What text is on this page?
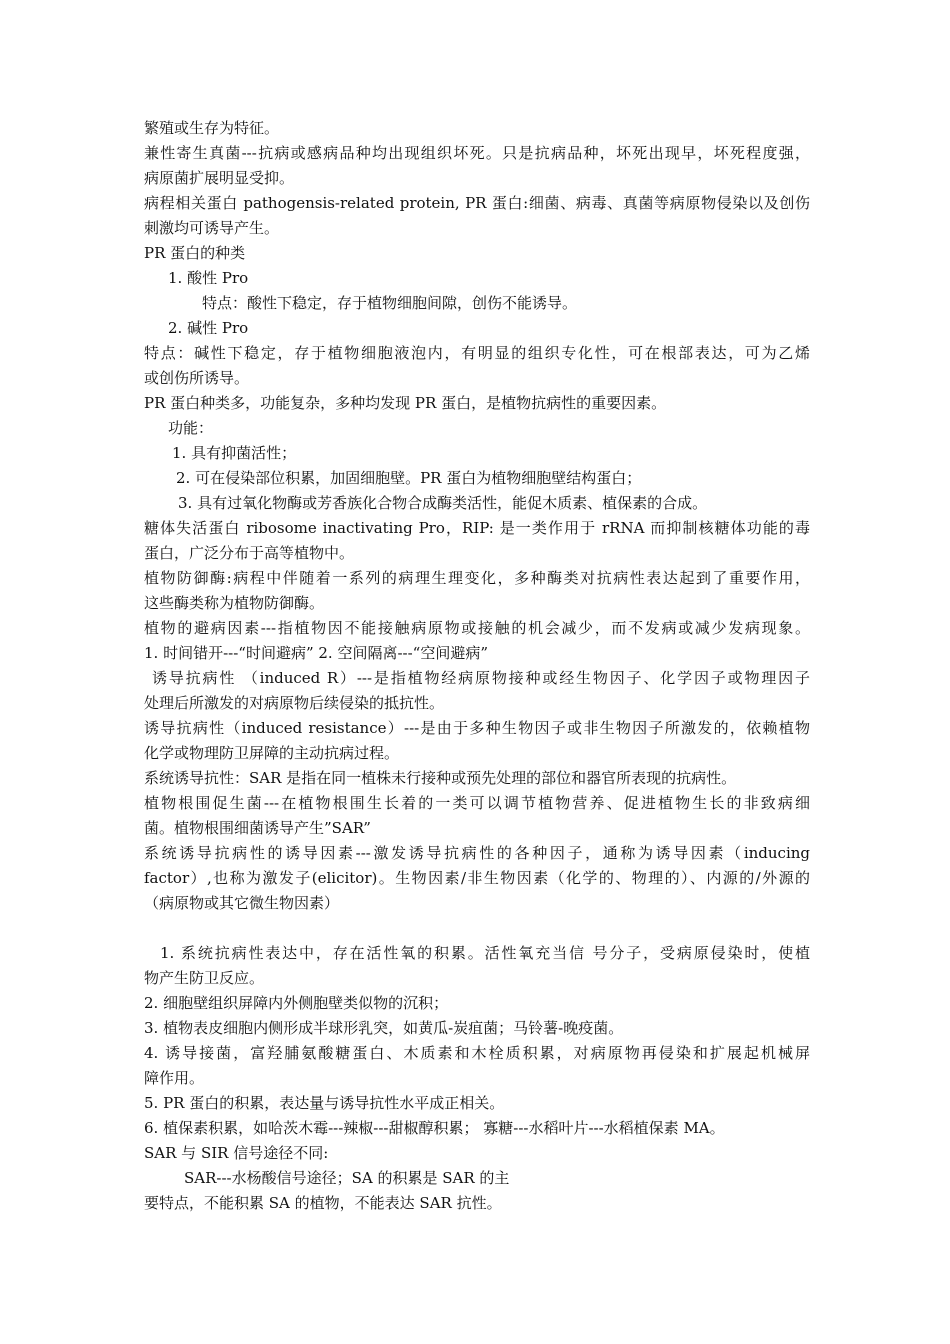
繁殖或生存为特征。
兼性寄生真菌---抗病或感病品种均出现组织坏死。只是抗病品种，坏死出现早，坏死程度强，
病原菌扩展明显受抑。
病程相关蛋白 pathogensis-related protein, PR 蛋白:细菌、病毒、真菌等病原物侵染以及创伤
刺激均可诱导产生。
PR 蛋白的种类
1. 酸性 Pro
特点：酸性下稳定，存于植物细胞间隙，创伤不能诱导。
2. 碱性 Pro
特点：碱性下稳定，存于植物细胞液泡内，有明显的组织专化性，可在根部表达，可为乙烯
或创伤所诱导。
PR 蛋白种类多，功能复杂，多种均发现 PR 蛋白，是植物抗病性的重要因素。
功能：
1. 具有抑菌活性；
2. 可在侵染部位积累，加固细胞壁。PR 蛋白为植物细胞壁结构蛋白；
3. 具有过氧化物酶或芳香族化合物合成酶类活性，能促木质素、植保素的合成。
糖体失活蛋白 ribosome inactivating Pro，RIP: 是一类作用于 rRNA 而抑制核糖体功能的毒
蛋白，广泛分布于高等植物中。
植物防御酶:病程中伴随着一系列的病理生理变化，多种酶类对抗病性表达起到了重要作用，
这些酶类称为植物防御酶。
植物的避病因素---指植物因不能接触病原物或接触的机会减少，而不发病或减少发病现象。
1. 时间错开---“时间避病” 2. 空间隔离---“空间避病”
诱导抗病性 （induced R）---是指植物经病原物接种或经生物因子、化学因子或物理因子
处理后所激发的对病原物后续侵染的抵抗性。
诱导抗病性（induced resistance）---是由于多种生物因子或非生物因子所激发的，依赖植物
化学或物理防卫屏障的主动抗病过程。
系统诱导抗性：SAR 是指在同一植株未行接种或预先处理的部位和器官所表现的抗病性。
植物根围促生菌---在植物根围生长着的一类可以调节植物营养、促进植物生长的非致病细
菌。植物根围细菌诱导产生”SAR”
系统诱导抗病性的诱导因素---激发诱导抗病性的各种因子，通称为诱导因素（inducing
factor）,也称为激发子(elicitor)。生物因素/非生物因素（化学的、物理的）、内源的/外源的
（病原物或其它微生物因素）
1. 系统抗病性表达中，存在活性氧的积累。活性氧充当信 号分子，受病原侵染时，使植
物产生防卫反应。
2. 细胞壁组织屏障内外侧胞壁类似物的沉积；
3. 植物表皮细胞内侧形成半球形乳突，如黄瓜-炭疽菌；马铃薯-晚疫菌。
4. 诱导接菌，富羟脯氨酸糖蛋白、木质素和木栓质积累，对病原物再侵染和扩展起机械屏
障作用。
5. PR 蛋白的积累，表达量与诱导抗性水平成正相关。
6. 植保素积累，如哈茨木霉---辣椒---甜椒醇积累； 寡糖---水稻叶片---水稻植保素 MA。
SAR 与 SIR 信号途径不同:
SAR---水杨酸信号途径；SA 的积累是 SAR 的主
要特点，不能积累 SA 的植物，不能表达 SAR 抗性。
